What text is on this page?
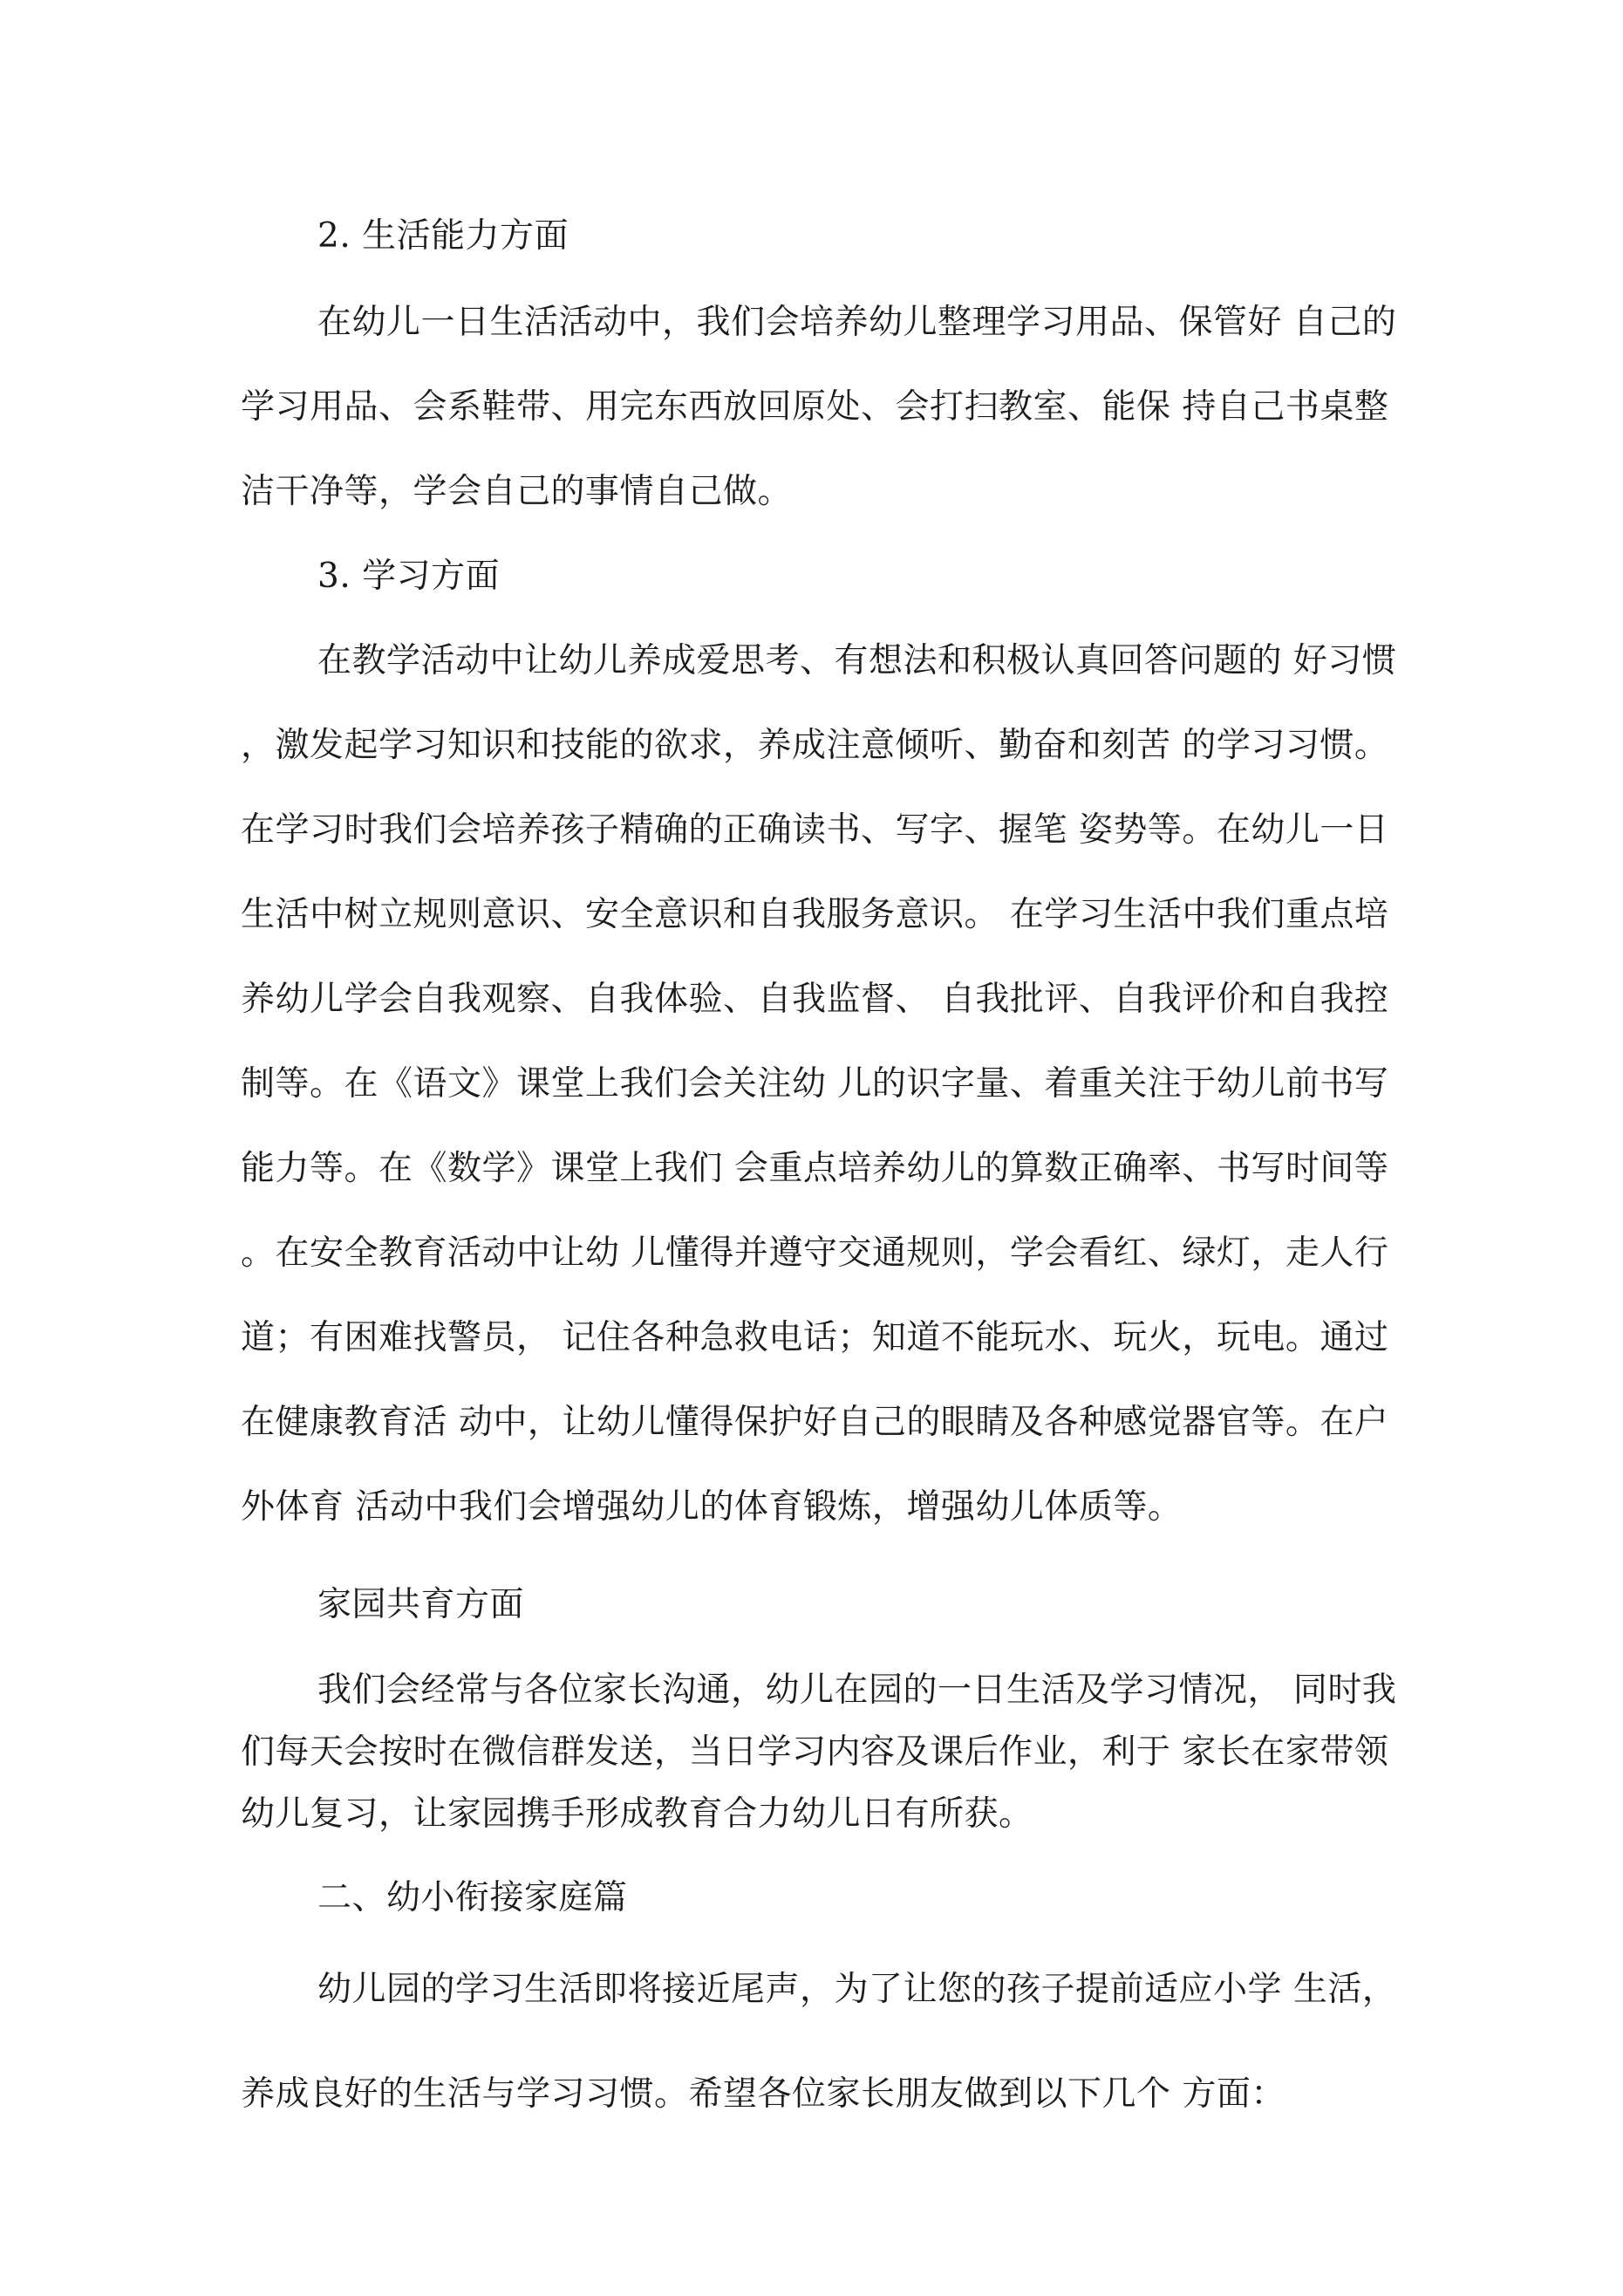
2. 生活能力方面

在幼儿一日生活活动中，我们会培养幼儿整理学习用品、保管好 自己的

学习用品、会系鞋带、用完东西放回原处、会打扫教室、能保 持自己书桌整

洁干净等，学会自己的事情自己做。

3. 学习方面

在教学活动中让幼儿养成爱思考、有想法和积极认真回答问题的 好习惯

，激发起学习知识和技能的欲求，养成注意倾听、勤奋和刻苦 的学习习惯。

在学习时我们会培养孩子精确的正确读书、写字、握笔 姿势等。在幼儿一日

生活中树立规则意识、安全意识和自我服务意识。 在学习生活中我们重点培

养幼儿学会自我观察、自我体验、自我监督、 自我批评、自我评价和自我控

制等。在《语文》课堂上我们会关注幼 儿的识字量、着重关注于幼儿前书写

能力等。在《数学》课堂上我们 会重点培养幼儿的算数正确率、书写时间等

。在安全教育活动中让幼 儿懂得并遵守交通规则，学会看红、绿灯，走人行

道；有困难找警员， 记住各种急救电话；知道不能玩水、玩火，玩电。通过

在健康教育活 动中，让幼儿懂得保护好自己的眼睛及各种感觉器官等。在户

外体育 活动中我们会增强幼儿的体育锻炼，增强幼儿体质等。

家园共育方面

我们会经常与各位家长沟通，幼儿在园的一日生活及学习情况， 同时我

们每天会按时在微信群发送，当日学习内容及课后作业，利于 家长在家带领

幼儿复习，让家园携手形成教育合力幼儿日有所获。

二、幼小衔接家庭篇

幼儿园的学习生活即将接近尾声，为了让您的孩子提前适应小学 生活，

养成良好的生活与学习习惯。希望各位家长朋友做到以下几个 方面：
